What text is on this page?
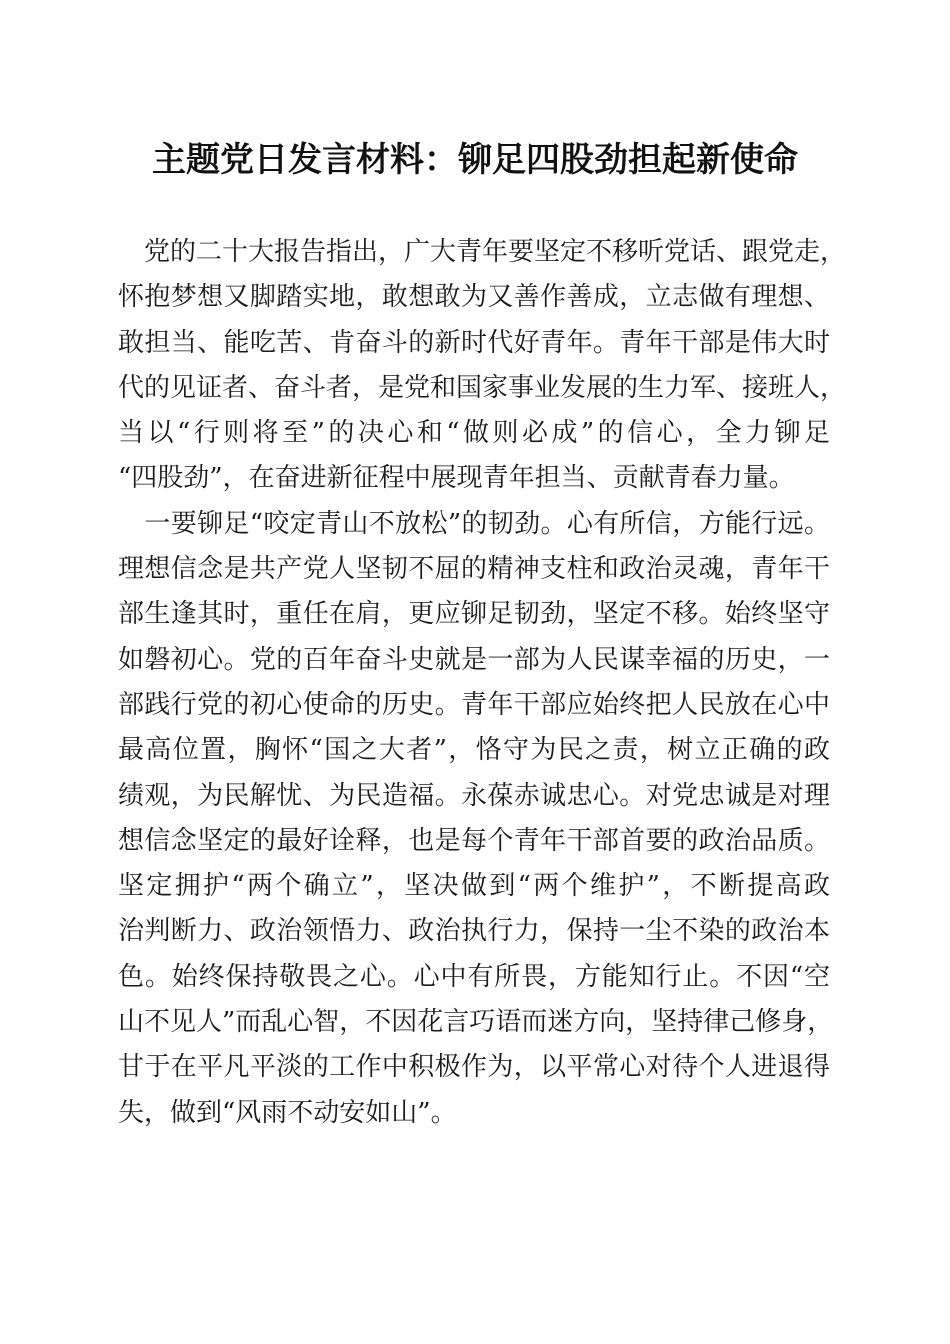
主题党日发言材料：铆足四股劲担起新使命
　党的二十大报告指出，广大青年要坚定不移听党话、跟党走，
怀抱梦想又脚踏实地，敢想敢为又善作善成，立志做有理想、
敢担当、能吃苦、肯奋斗的新时代好青年。青年干部是伟大时
代的见证者、奋斗者，是党和国家事业发展的生力军、接班人，
当以“行则将至”的决心和“做则必成”的信心，全力铆足
“四股劲”，在奋进新征程中展现青年担当、贡献青春力量。
　一要铆足“咬定青山不放松”的韧劲。心有所信，方能行远。
理想信念是共产党人坚韧不屈的精神支柱和政治灵魂，青年干
部生逢其时，重任在肩，更应铆足韧劲，坚定不移。始终坚守
如磐初心。党的百年奋斗史就是一部为人民谋幸福的历史，一
部践行党的初心使命的历史。青年干部应始终把人民放在心中
最高位置，胸怀“国之大者”，恪守为民之责，树立正确的政
绩观，为民解忧、为民造福。永葆赤诚忠心。对党忠诚是对理
想信念坚定的最好诠释，也是每个青年干部首要的政治品质。
坚定拥护“两个确立”，坚决做到“两个维护”，不断提高政
治判断力、政治领悟力、政治执行力，保持一尘不染的政治本
色。始终保持敬畏之心。心中有所畏，方能知行止。不因“空
山不见人”而乱心智，不因花言巧语而迷方向，坚持律己修身，
甘于在平凡平淡的工作中积极作为，以平常心对待个人进退得
失，做到“风雨不动安如山”。
